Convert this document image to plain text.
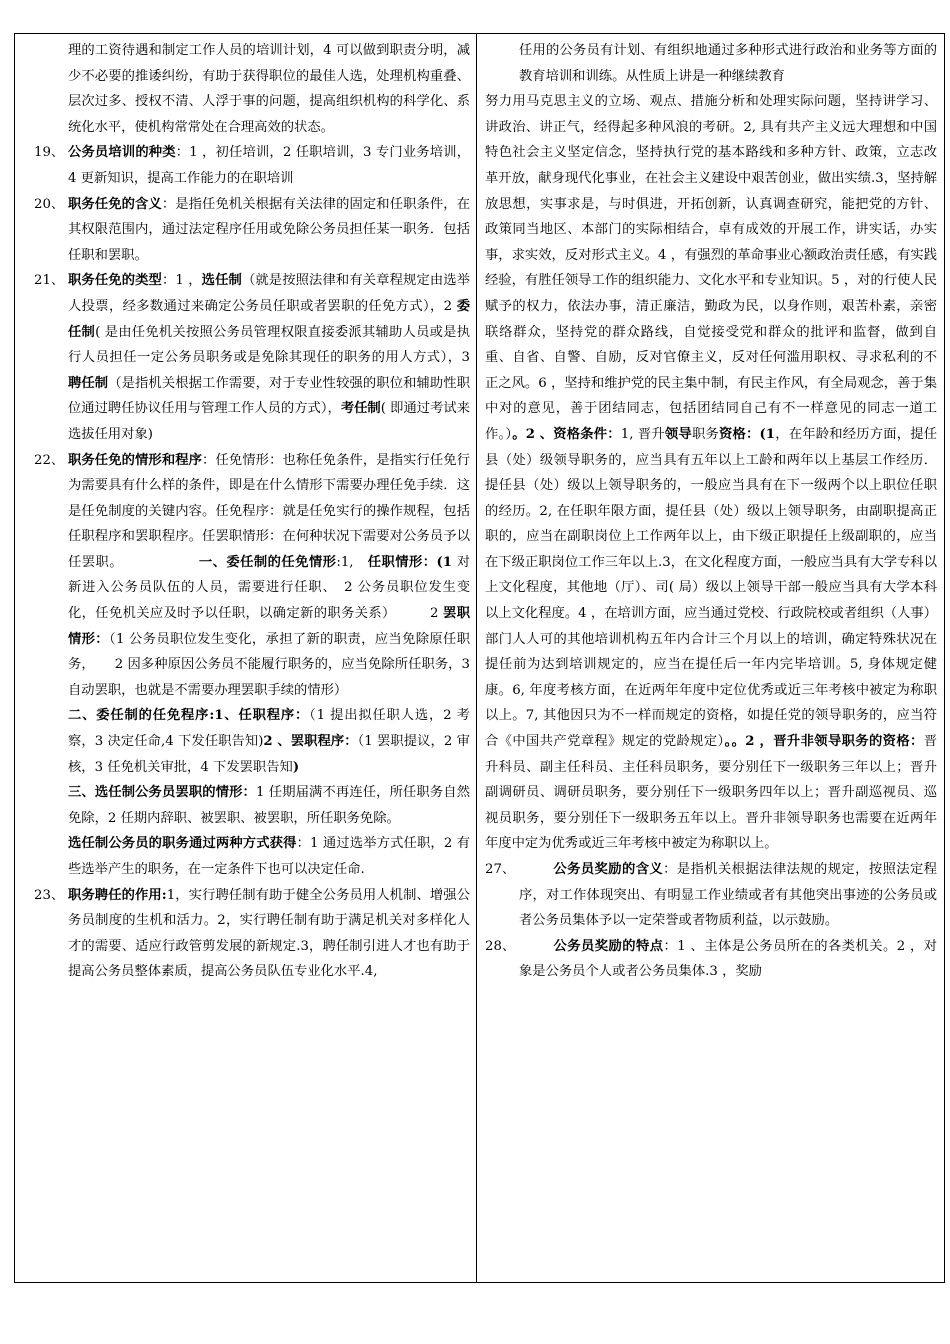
理的工资待遇和制定工作人员的培训计划，4 可以做到职责分明，减少不必要的推诿纠纷，有助于获得职位的最佳人选，处理机构重叠、层次过多、授权不清、人浮于事的问题，提高组织机构的科学化、系统化水平，使机构常常处在合理高效的状态。

19、 公务员培训的种类：1 ，初任培训，2 任职培训，3 专门业务培训，4 更新知识，提高工作能力的在职培训
20、 职务任免的含义：是指任免机关根据有关法律的固定和任职条件，在其权限范围内，通过法定程序任用或免除公务员担任某一职务．包括任职和罢职。
21、 职务任免的类型：1 ，选任制（就是按照法律和有关章程规定由选举人投票，经多数通过来确定公务员任职或者罢职的任免方式），2 委任制( 是由任免机关按照公务员管理权限直接委派其辅助人员或是执行人员担任一定公务员职务或是免除其现任的职务的用人方式），3 聘任制（是指机关根据工作需要，对于专业性较强的职位和辅助性职位通过聘任协议任用与管理工作人员的方式），考任制( 即通过考试来选拔任用对象)
22、 职务任免的情形和程序：任免情形：也称任免条件，是指实行任免行为需要具有什么样的条件，即是在什么情形下需要办理任免手续．这是任免制度的关键内容。任免程序：就是任免实行的操作规程，包括任职程序和罢职程序。任罢职情形：在何种状况下需要对公务员予以任罢职。　　　　　　一、委任制的任免情形:1,　任职情形：(1 对新进入公务员队伍的人员，需要进行任职、　2 公务员职位发生变化，任免机关应及时予以任职，以确定新的职务关系）　　　2 罢职情形：（1 公务员职位发生变化，承担了新的职责，应当免除原任职务，　　2 因多种原因公务员不能履行职务的，应当免除所任职务，3 自动罢职，也就是不需要办理罢职手续的情形）

二、委任制的任免程序:1、任职程序：（1 提出拟任职人选，2 考察，3 决定任命,4 下发任职告知)2 、罢职程序：（1 罢职提议，2 审核，3 任免机关审批，4 下发罢职告知)

三、选任制公务员罢职的情形：1 任期届满不再连任，所任职务自然免除，2 任期内辞职、被罢职、被罢职，所任职务免除。

选任制公务员的职务通过两种方式获得：1 通过选举方式任职，2 有些选举产生的职务，在一定条件下也可以决定任命.

23、 职务聘任的作用:1，实行聘任制有助于健全公务员用人机制、增强公务员制度的生机和活力。2，实行聘任制有助于满足机关对多样化人才的需要、适应行政管剪发展的新规定.3，聘任制引进人才也有助于提高公务员整体素质，提高公务员队伍专业化水平.4,

任用的公务员有计划、有组织地通过多种形式进行政治和业务等方面的教育培训和训练。从性质上讲是一种继续教育

努力用马克思主义的立场、观点、措施分析和处理实际问题，坚持讲学习、讲政治、讲正气，经得起多种风浪的考研。2, 具有共产主义远大理想和中国特色社会主义坚定信念，坚持执行党的基本路线和多种方针、政策，立志改革开放，献身现代化事业，在社会主义建设中艰苦创业，做出实绩.3，坚持解放思想，实事求是，与时俱进，开拓创新，认真调查研究，能把党的方针、政策同当地区、本部门的实际相结合，卓有成效的开展工作，讲实话，办实事，求实效，反对形式主义。4 ，有强烈的革命事业心额政治责任感，有实践经验，有胜任领导工作的组织能力、文化水平和专业知识。5 ，对的行使人民赋予的权力，依法办事，清正廉洁，勤政为民，以身作则，艰苦朴素，亲密联络群众，坚持党的群众路线，自觉接受党和群众的批评和监督，做到自重、自省、自警、自励，反对官僚主义，反对任何滥用职权、寻求私利的不正之风。6 ，坚持和维护党的民主集中制，有民主作风，有全局观念，善于集中对的意见，善于团结同志，包括团结同自己有不一样意见的同志一道工作。）。2 、资格条件：1, 晋升领导职务资格：(1，在年龄和经历方面，提任县（处）级领导职务的，应当具有五年以上工龄和两年以上基层工作经历．提任县（处）级以上领导职务的，一般应当具有在下一级两个以上职位任职的经历。2, 在任职年限方面，提任县（处）级以上领导职务，由副职提高正职的，应当在副职岗位上工作两年以上，由下级正职提任上级副职的，应当在下级正职岗位工作三年以上.3，在文化程度方面，一般应当具有大学专科以上文化程度，其他地（厅）、司( 局）级以上领导干部一般应当具有大学本科以上文化程度。4 ，在培训方面，应当通过党校、行政院校或者组织（人事）部门人人可的其他培训机构五年内合计三个月以上的培训，确定特殊状况在提任前为达到培训规定的，应当在提任后一年内完毕培训。5, 身体规定健康。6, 年度考核方面，在近两年年度中定位优秀或近三年考核中被定为称职以上。7, 其他因只为不一样而规定的资格，如提任党的领导职务的，应当符合《中国共产党章程》规定的党龄规定）。。2 ，晋升非领导职务的资格：晋升科员、副主任科员、主任科员职务，要分别任下一级职务三年以上；晋升副调研员、调研员职务，要分别任下一级职务四年以上；晋升副巡视员、巡视员职务，要分别任下一级职务五年以上。晋升非领导职务也需要在近两年年度中定为优秀或近三年考核中被定为称职以上。

27、	公务员奖励的含义：是指机关根据法律法规的规定，按照法定程序，对工作体现突出、有明显工作业绩或者有其他突出事迹的公务员或者公务员集体予以一定荣誉或者物质利益，以示鼓励。
28、	公务员奖励的特点：1 、主体是公务员所在的各类机关。2 ，对象是公务员个人或者公务员集体.3 ，奖励
